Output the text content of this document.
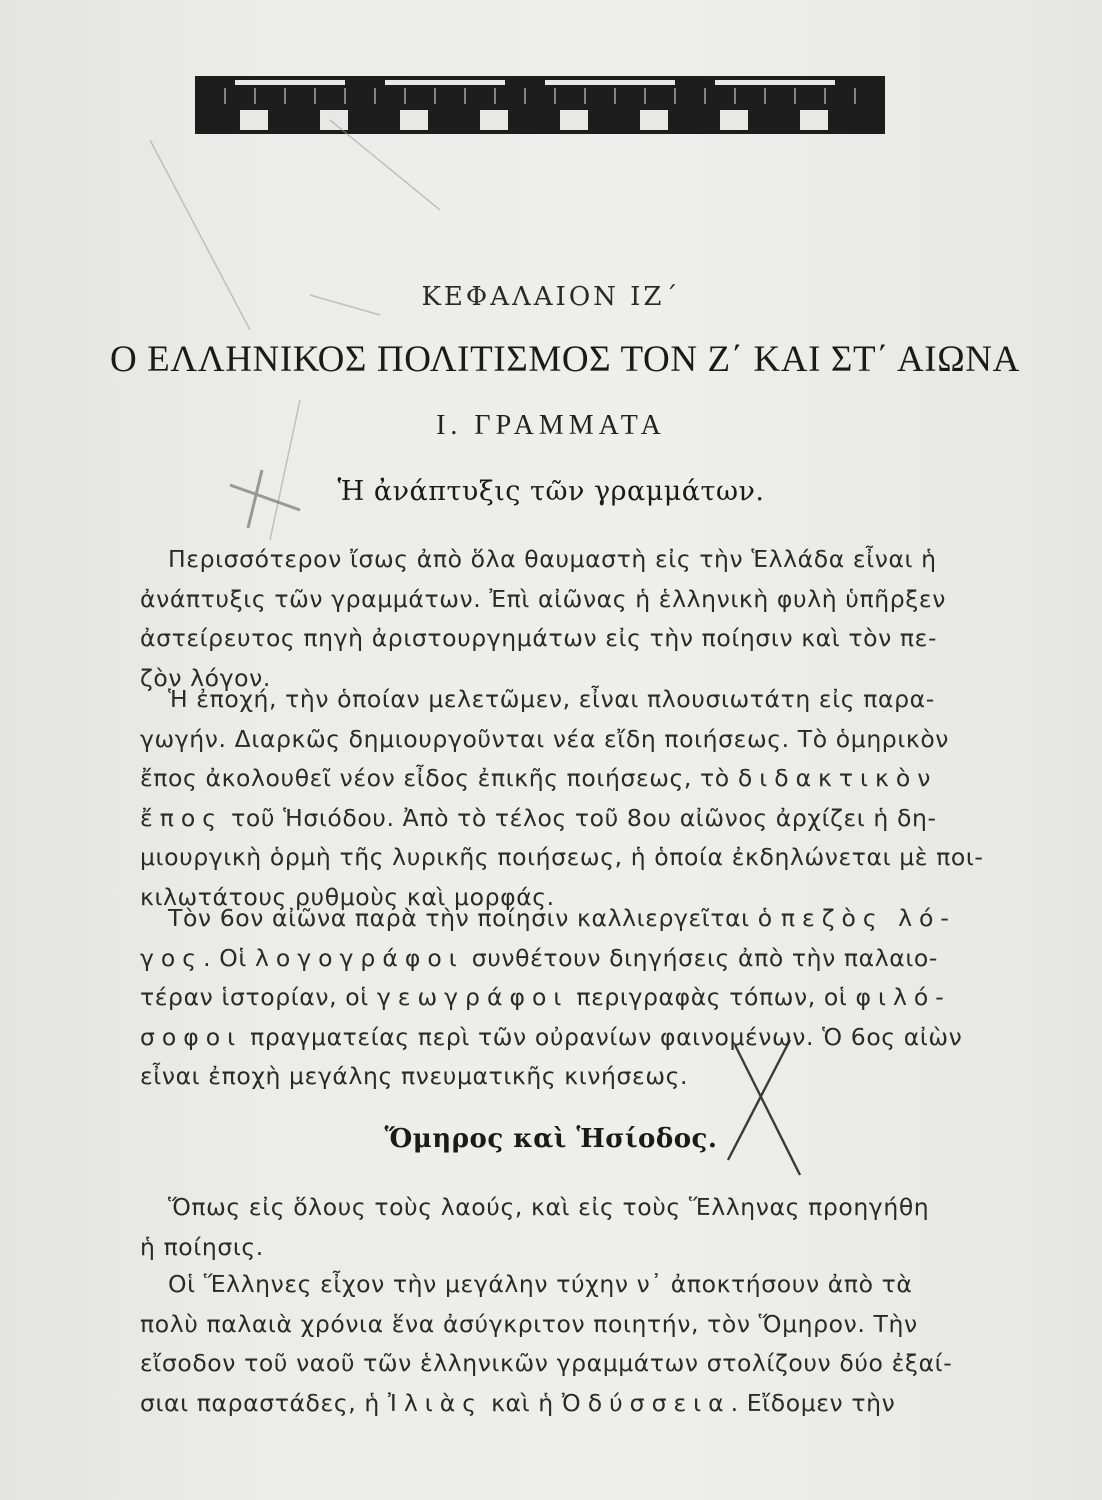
ΚΕΦΑΛΑΙΟΝ ΙΖ΄
Ο ΕΛΛΗΝΙΚΟΣ ΠΟΛΙΤΙΣΜΟΣ ΤΟΝ Ζ΄ ΚΑΙ ΣΤ΄ ΑΙΩΝΑ
I. ΓΡΑΜΜΑΤΑ
Ἡ ἀνάπτυξις τῶν γραμμάτων.

Περισσότερον ἴσως ἀπὸ ὅλα θαυμαστὴ εἰς τὴν Ἑλλάδα εἶναι ἡ
ἀνάπτυξις τῶν γραμμάτων. Ἐπὶ αἰῶνας ἡ ἑλληνικὴ φυλὴ ὑπῆρξεν
ἀστείρευτος πηγὴ ἀριστουργημάτων εἰς τὴν ποίησιν καὶ τὸν πε-
ζὸν λόγον.

Ἡ ἐποχή, τὴν ὁποίαν μελετῶμεν, εἶναι πλουσιωτάτη εἰς παρα-
γωγήν. Διαρκῶς δημιουργοῦνται νέα εἴδη ποιήσεως. Τὸ ὁμηρικὸν
ἔπος ἀκολουθεῖ νέον εἶδος ἐπικῆς ποιήσεως, τὸ διδακτικὸν
ἔπος τοῦ Ἡσιόδου. Ἀπὸ τὸ τέλος τοῦ 8ου αἰῶνος ἀρχίζει ἡ δη-
μιουργικὴ ὁρμὴ τῆς λυρικῆς ποιήσεως, ἡ ὁποία ἐκδηλώνεται μὲ ποι-
κιλωτάτους ρυθμοὺς καὶ μορφάς.

Τὸν 6ον αἰῶνα παρὰ τὴν ποίησιν καλλιεργεῖται ὁ πεζὸς λό-
γος. Οἱ λογογράφοι συνθέτουν διηγήσεις ἀπὸ τὴν παλαιο-
τέραν ἱστορίαν, οἱ γεωγράφοι περιγραφὰς τόπων, οἱ φιλό-
σοφοι πραγματείας περὶ τῶν οὐρανίων φαινομένων. Ὁ 6ος αἰὼν
εἶναι ἐποχὴ μεγάλης πνευματικῆς κινήσεως.

Ὅμηρος καὶ Ἡσίοδος.

Ὅπως εἰς ὅλους τοὺς λαούς, καὶ εἰς τοὺς Ἕλληνας προηγήθη
ἡ ποίησις.

Οἱ Ἕλληνες εἶχον τὴν μεγάλην τύχην ν᾽ ἀποκτήσουν ἀπὸ τὰ
πολὺ παλαιὰ χρόνια ἕνα ἀσύγκριτον ποιητήν, τὸν Ὅμηρον. Τὴν
εἴσοδον τοῦ ναοῦ τῶν ἑλληνικῶν γραμμάτων στολίζουν δύο ἐξαί-
σιαι παραστάδες, ἡ Ἰλιὰς καὶ ἡ Ὀδύσσεια. Εἴδομεν τὴν
